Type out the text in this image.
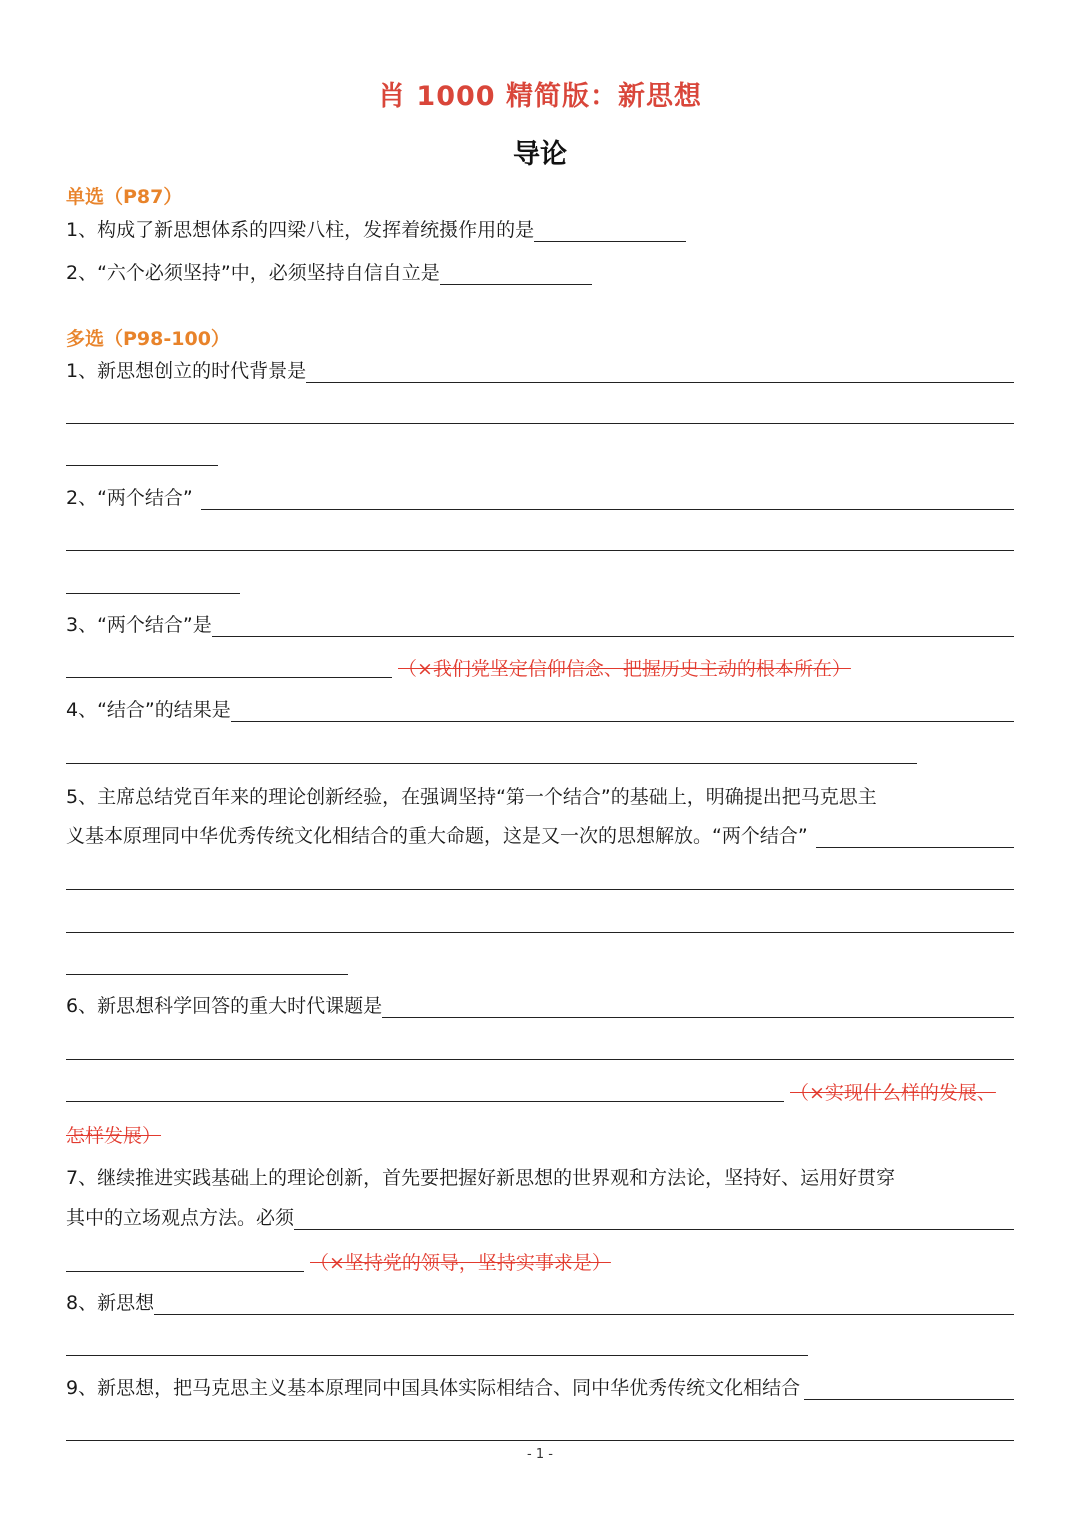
肖 1000 精简版：新思想
导论
单选（P87）
1、构成了新思想体系的四梁八柱，发挥着统摄作用的是
2、“六个必须坚持”中，必须坚持自信自立是
多选（P98-100）
1、新思想创立的时代背景是
2、“两个结合”
3、“两个结合”是
（×我们党坚定信仰信念、把握历史主动的根本所在）
4、“结合”的结果是
5、主席总结党百年来的理论创新经验，在强调坚持“第一个结合”的基础上，明确提出把马克思主
义基本原理同中华优秀传统文化相结合的重大命题，这是又一次的思想解放。“两个结合”
6、新思想科学回答的重大时代课题是
（×实现什么样的发展、
怎样发展）
7、继续推进实践基础上的理论创新，首先要把握好新思想的世界观和方法论，坚持好、运用好贯穿
其中的立场观点方法。必须
（×坚持党的领导，坚持实事求是）
8、新思想
9、新思想，把马克思主义基本原理同中国具体实际相结合、同中华优秀传统文化相结合
- 1 -
